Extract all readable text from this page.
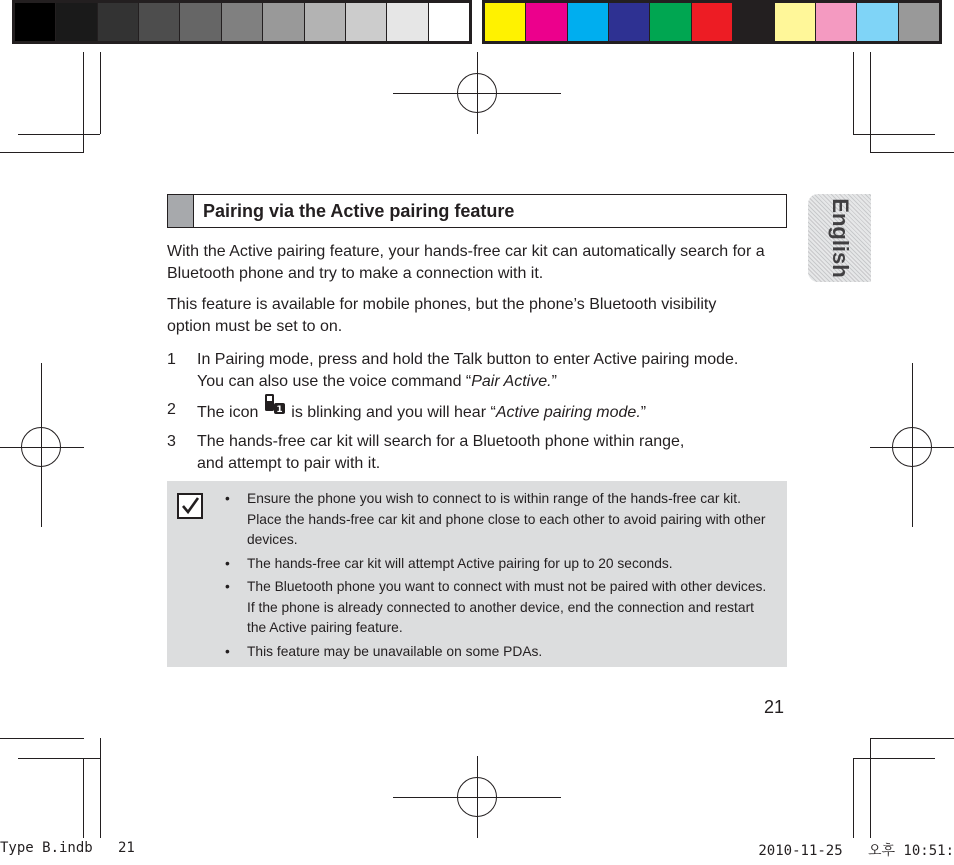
Pairing via the Active pairing feature
With the Active pairing feature, your hands-free car kit can automatically search for a Bluetooth phone and try to make a connection with it.
This feature is available for mobile phones, but the phone’s Bluetooth visibility option must be set to on.
1 In Pairing mode, press and hold the Talk button to enter Active pairing mode.
You can also use the voice command “Pair Active.”
2 The icon 1 is blinking and you will hear “Active pairing mode.”
3 The hands-free car kit will search for a Bluetooth phone within range,
and attempt to pair with it.
• Ensure the phone you wish to connect to is within range of the hands-free car kit. Place the hands-free car kit and phone close to each other to avoid pairing with other devices.
• The hands-free car kit will attempt Active pairing for up to 20 seconds.
• The Bluetooth phone you want to connect with must not be paired with other devices. If the phone is already connected to another device, end the connection and restart the Active pairing feature.
• This feature may be unavailable on some PDAs.
English
21
Type B.indb   21	2010-11-25   오후 10:51:
